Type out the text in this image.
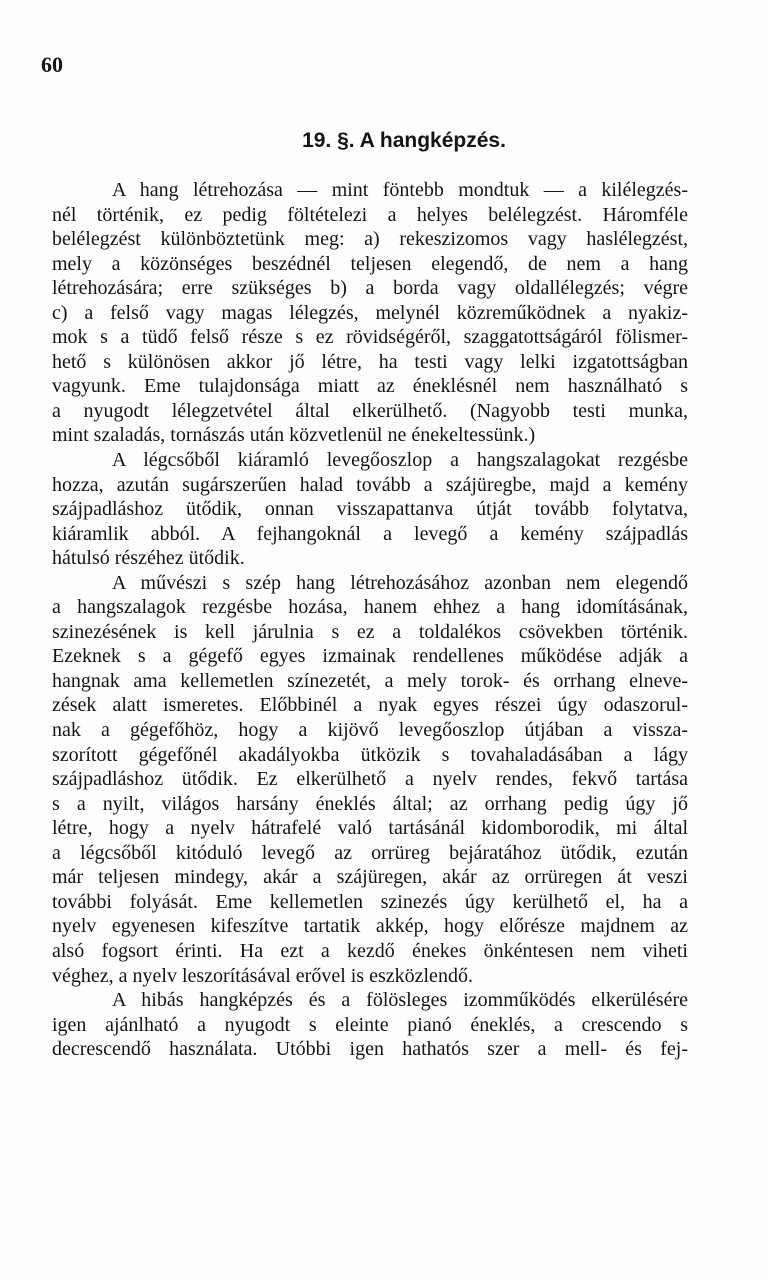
60
19. §. A hangképzés.
A hang létrehozása — mint föntebb mondtuk — a kilélegzés-
nél történik, ez pedig föltételezi a helyes belélegzést. Háromféle
belélegzést különböztetünk meg: a) rekeszizomos vagy haslélegzést,
mely a közönséges beszédnél teljesen elegendő, de nem a hang
létrehozására; erre szükséges b) a borda vagy oldallélegzés; végre
c) a felső vagy magas lélegzés, melynél közreműködnek a nyakiz-
mok s a tüdő felső része s ez rövidségéről, szaggatottságáról fölismer-
hető s különösen akkor jő létre, ha testi vagy lelki izgatottságban
vagyunk. Eme tulajdonsága miatt az éneklésnél nem használható s
a nyugodt lélegzetvétel által elkerülhető. (Nagyobb testi munka,
mint szaladás, tornászás után közvetlenül ne énekeltessünk.)
A légcsőből kiáramló levegőoszlop a hangszalagokat rezgésbe
hozza, azután sugárszerűen halad tovább a szájüregbe, majd a kemény
szájpadláshoz ütődik, onnan visszapattanva útját tovább folytatva,
kiáramlik abból. A fejhangoknál a levegő a kemény szájpadlás
hátulsó részéhez ütődik.
A művészi s szép hang létrehozásához azonban nem elegendő
a hangszalagok rezgésbe hozása, hanem ehhez a hang idomításának,
szinezésének is kell járulnia s ez a toldalékos csövekben történik.
Ezeknek s a gégefő egyes izmainak rendellenes működése adják a
hangnak ama kellemetlen színezetét, a mely torok- és orrhang elneve-
zések alatt ismeretes. Előbbinél a nyak egyes részei úgy odaszorul-
nak a gégefőhöz, hogy a kijövő levegőoszlop útjában a vissza-
szorított gégefőnél akadályokba ütközik s tovahaladásában a lágy
szájpadláshoz ütődik. Ez elkerülhető a nyelv rendes, fekvő tartása
s a nyilt, világos harsány éneklés által; az orrhang pedig úgy jő
létre, hogy a nyelv hátrafelé való tartásánál kidomborodik, mi által
a légcsőből kitóduló levegő az orrüreg bejáratához ütődik, ezután
már teljesen mindegy, akár a szájüregen, akár az orrüregen át veszi
további folyását. Eme kellemetlen szinezés úgy kerülhető el, ha a
nyelv egyenesen kifeszítve tartatik akkép, hogy előrésze majdnem az
alsó fogsort érinti. Ha ezt a kezdő énekes önkéntesen nem viheti
véghez, a nyelv leszorításával erővel is eszközlendő.
A hibás hangképzés és a fölösleges izomműködés elkerülésére
igen ajánlható a nyugodt s eleinte pianó éneklés, a crescendo s
decrescendő használata. Utóbbi igen hathatós szer a mell- és fej-
